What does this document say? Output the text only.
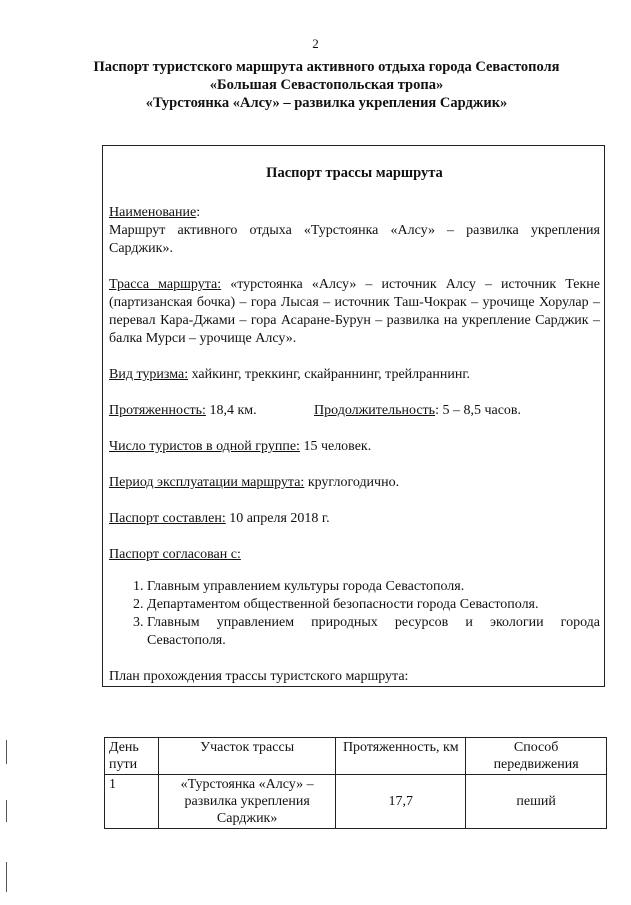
2
Паспорт туристского маршрута активного отдыха города Севастополя
«Большая Севастопольская тропа»
«Турстоянка «Алсу» – развилка укрепления Сарджик»
Паспорт трассы маршрута
Наименование:
Маршрут активного отдыха «Турстоянка «Алсу» – развилка укрепления Сарджик».
Трасса маршрута: «турстоянка «Алсу» – источник Алсу – источник Текне (партизанская бочка) – гора Лысая – источник Таш-Чокрак – урочище Хорулар – перевал Кара-Джами – гора Асаране-Бурун – развилка на укрепление Сарджик – балка Мурси – урочище Алсу».
Вид туризма: хайкинг, треккинг, скайраннинг, трейлраннинг.
Протяженность: 18,4 км.	Продолжительность: 5 – 8,5 часов.
Число туристов в одной группе: 15 человек.
Период эксплуатации маршрута: круглогодично.
Паспорт составлен: 10 апреля 2018 г.
Паспорт согласован с:
1. Главным управлением культуры города Севастополя.
2. Департаментом общественной безопасности города Севастополя.
3. Главным управлением природных ресурсов и экологии города Севастополя.
План прохождения трассы туристского маршрута:
День пути	Участок трассы	Протяженность, км	Способ передвижения
1	«Турстоянка «Алсу» – развилка укрепления Сарджик»	17,7	пеший
